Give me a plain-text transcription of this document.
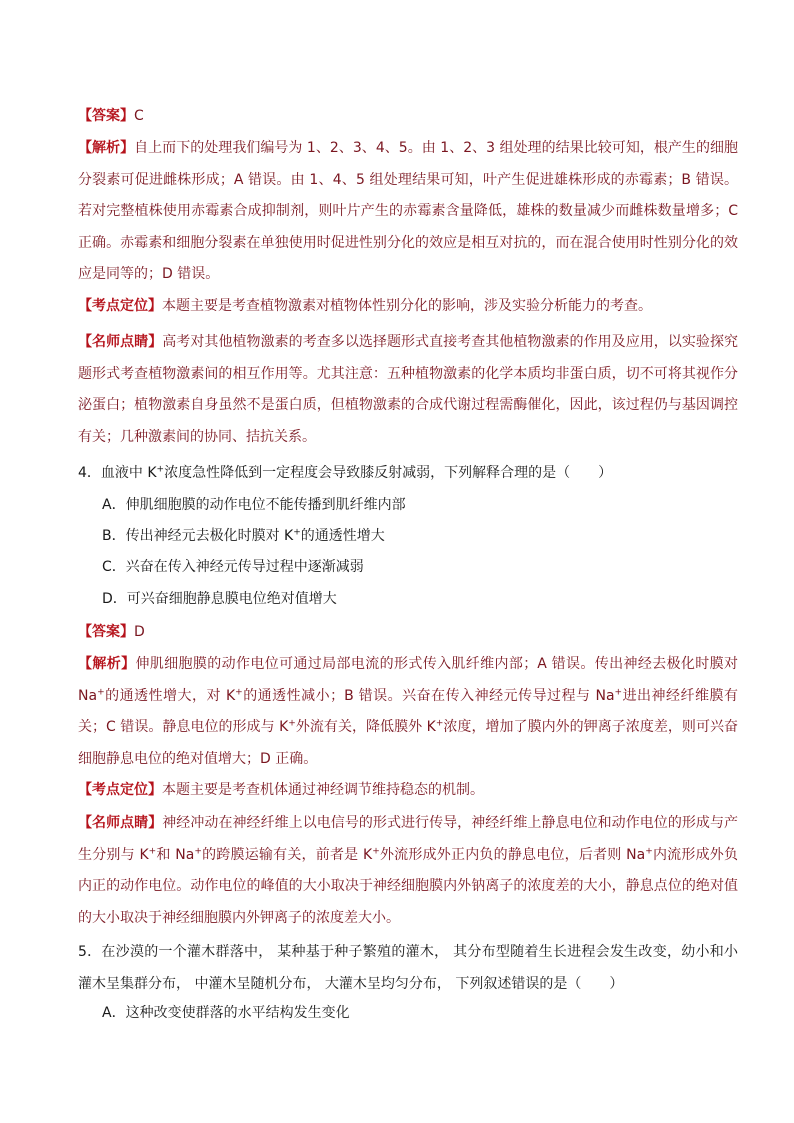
【答案】C

【解析】自上而下的处理我们编号为 1、2、3、4、5。由 1、2、3 组处理的结果比较可知，根产生的细胞分裂素可促进雌株形成；A 错误。由 1、4、5 组处理结果可知，叶产生促进雄株形成的赤霉素；B 错误。若对完整植株使用赤霉素合成抑制剂，则叶片产生的赤霉素含量降低，雄株的数量减少而雌株数量增多；C 正确。赤霉素和细胞分裂素在单独使用时促进性别分化的效应是相互对抗的，而在混合使用时性别分化的效应是同等的；D 错误。

【考点定位】本题主要是考查植物激素对植物体性别分化的影响，涉及实验分析能力的考查。

【名师点睛】高考对其他植物激素的考查多以选择题形式直接考查其他植物激素的作用及应用，以实验探究题形式考查植物激素间的相互作用等。尤其注意：五种植物激素的化学本质均非蛋白质，切不可将其视作分泌蛋白；植物激素自身虽然不是蛋白质，但植物激素的合成代谢过程需酶催化，因此，该过程仍与基因调控有关；几种激素间的协同、拮抗关系。

4．血液中 K+浓度急性降低到一定程度会导致膝反射减弱，下列解释合理的是（　　）

A．伸肌细胞膜的动作电位不能传播到肌纤维内部

B．传出神经元去极化时膜对 K+的通透性增大

C．兴奋在传入神经元传导过程中逐渐减弱

D．可兴奋细胞静息膜电位绝对值增大

【答案】D

【解析】伸肌细胞膜的动作电位可通过局部电流的形式传入肌纤维内部；A 错误。传出神经去极化时膜对 Na+的通透性增大，对 K+的通透性减小；B 错误。兴奋在传入神经元传导过程与 Na+进出神经纤维膜有关；C 错误。静息电位的形成与 K+外流有关，降低膜外 K+浓度，增加了膜内外的钾离子浓度差，则可兴奋细胞静息电位的绝对值增大；D 正确。

【考点定位】本题主要是考查机体通过神经调节维持稳态的机制。

【名师点睛】神经冲动在神经纤维上以电信号的形式进行传导，神经纤维上静息电位和动作电位的形成与产生分别与 K+和 Na+的跨膜运输有关，前者是 K+外流形成外正内负的静息电位，后者则 Na+内流形成外负内正的动作电位。动作电位的峰值的大小取决于神经细胞膜内外钠离子的浓度差的大小，静息点位的绝对值的大小取决于神经细胞膜内外钾离子的浓度差大小。

5．在沙漠的一个灌木群落中， 某种基于种子繁殖的灌木， 其分布型随着生长进程会发生改变，幼小和小灌木呈集群分布， 中灌木呈随机分布， 大灌木呈均匀分布， 下列叙述错误的是（　　）

A．这种改变使群落的水平结构发生变化
